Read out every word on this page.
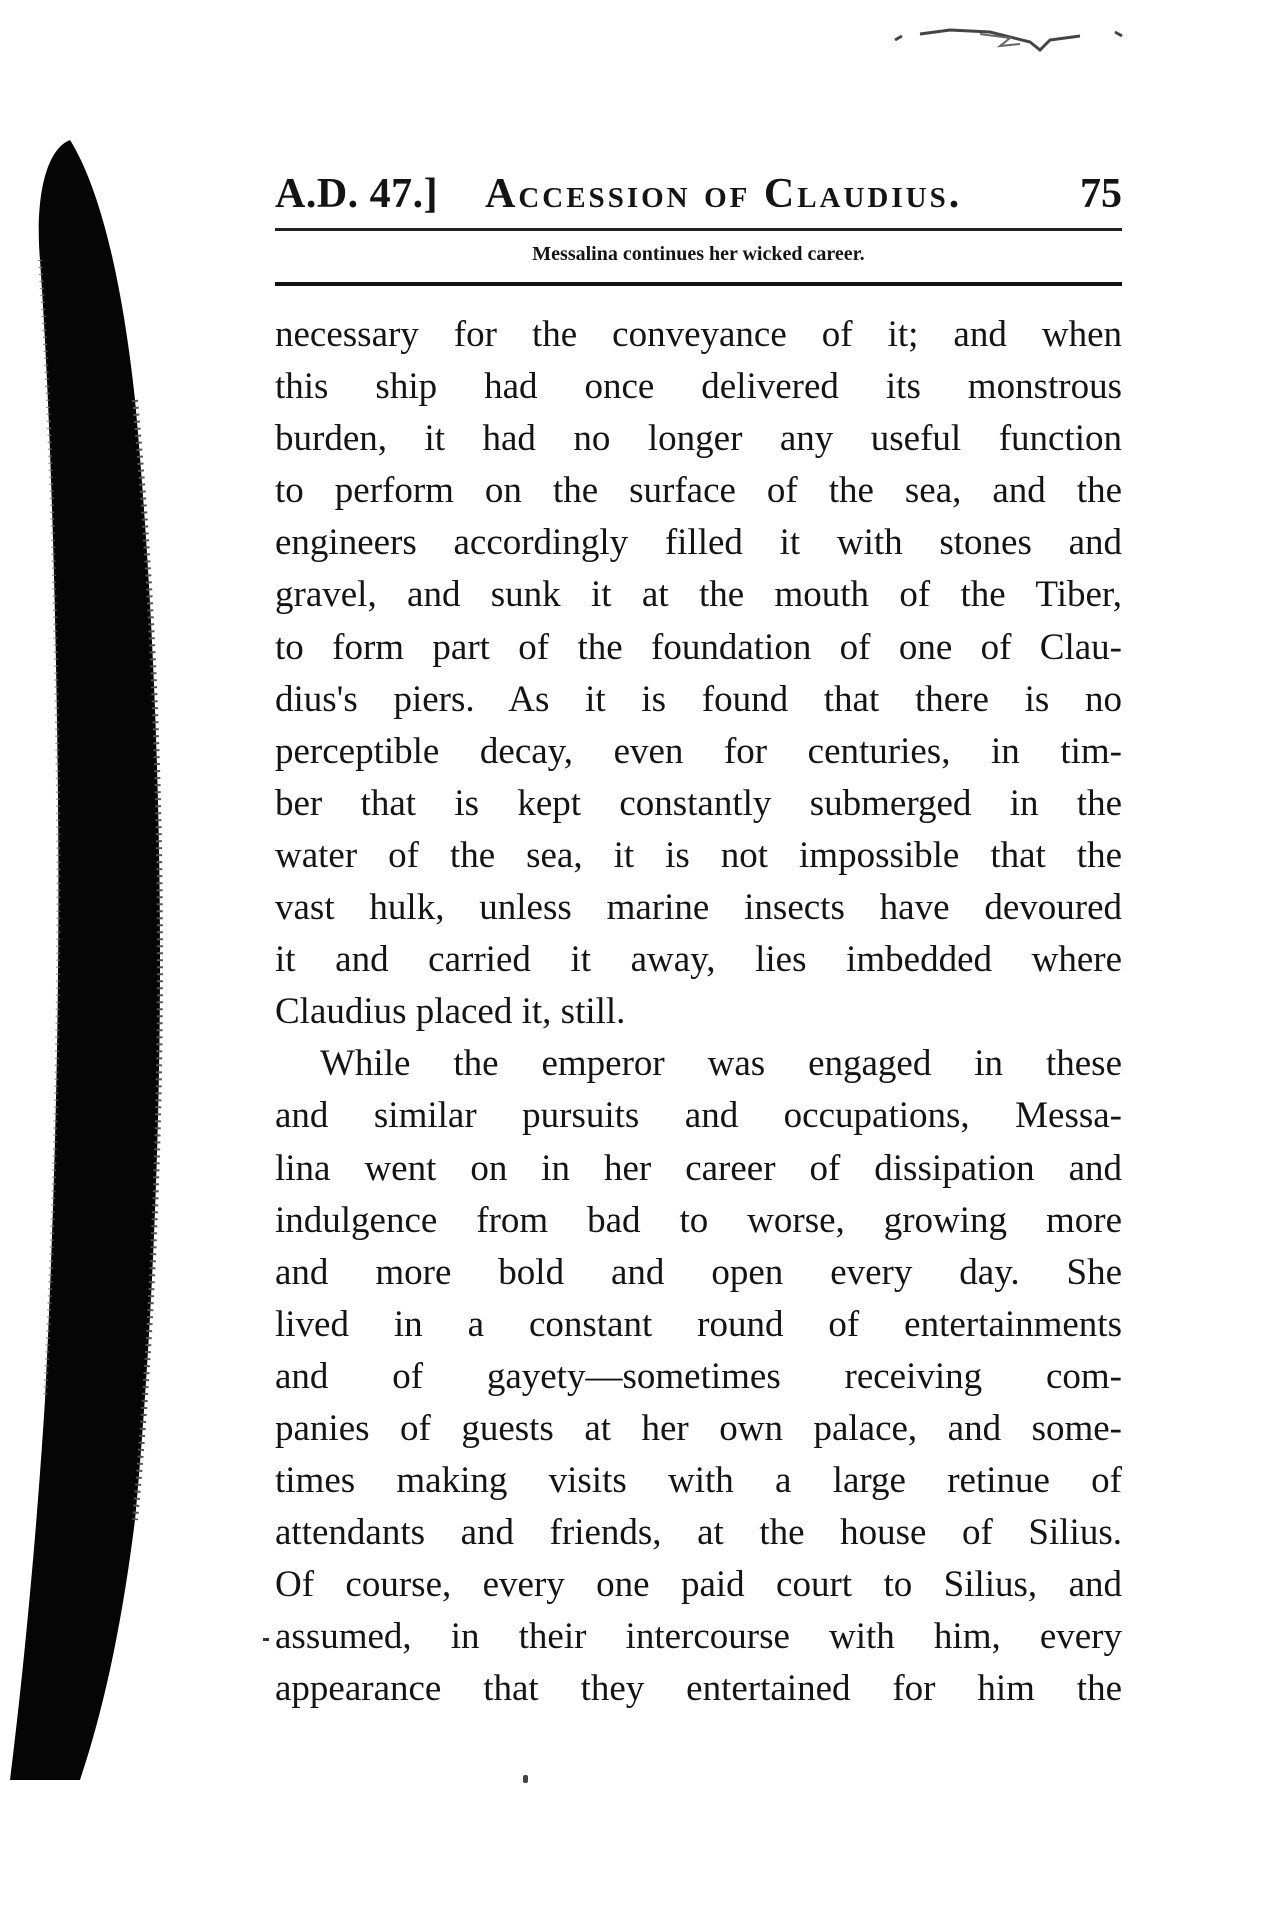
A.D. 47.] Accession of Claudius.	75
Messalina continues her wicked career.
necessary for the conveyance of it; and when
this ship had once delivered its monstrous
burden, it had no longer any useful function
to perform on the surface of the sea, and the
engineers accordingly filled it with stones and
gravel, and sunk it at the mouth of the Tiber,
to form part of the foundation of one of Clau-
dius's piers. As it is found that there is no
perceptible decay, even for centuries, in tim-
ber that is kept constantly submerged in the
water of the sea, it is not impossible that the
vast hulk, unless marine insects have devoured
it and carried it away, lies imbedded where
Claudius placed it, still.
While the emperor was engaged in these
and similar pursuits and occupations, Messa-
lina went on in her career of dissipation and
indulgence from bad to worse, growing more
and more bold and open every day. She
lived in a constant round of entertainments
and of gayety—sometimes receiving com-
panies of guests at her own palace, and some-
times making visits with a large retinue of
attendants and friends, at the house of Silius.
Of course, every one paid court to Silius, and
assumed, in their intercourse with him, every
appearance that they entertained for him the
